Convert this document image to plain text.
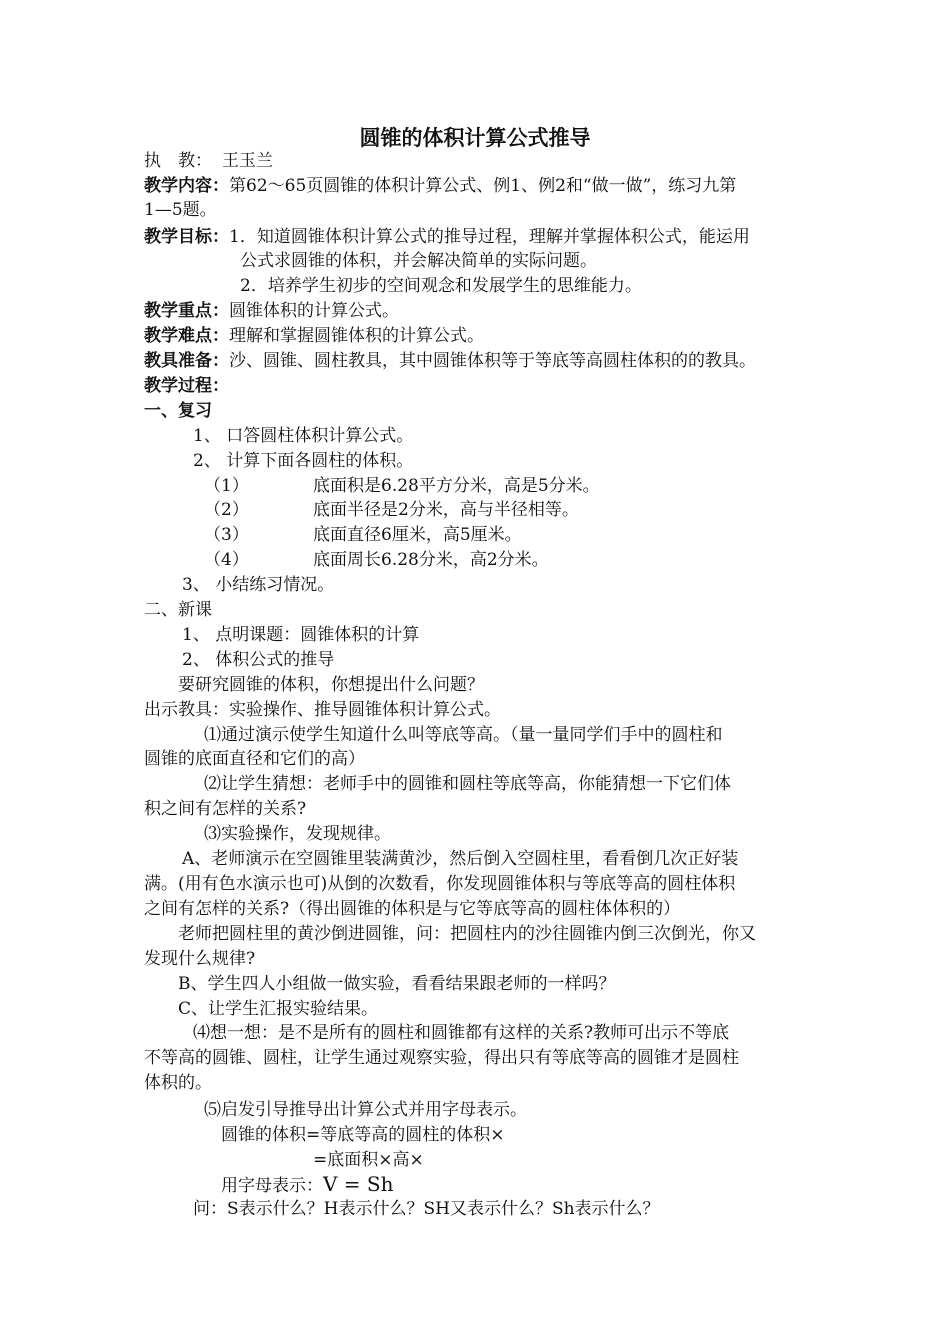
圆锥的体积计算公式推导
执　教： 王玉兰
教学内容：第62～65页圆锥的体积计算公式、例1、例2和“做一做”，练习九第
1—5题。
教学目标：1．知道圆锥体积计算公式的推导过程，理解并掌握体积公式，能运用
公式求圆锥的体积，并会解决简单的实际问题。
2．培养学生初步的空间观念和发展学生的思维能力。
教学重点：圆锥体积的计算公式。
教学难点：理解和掌握圆锥体积的计算公式。
教具准备：沙、圆锥、圆柱教具，其中圆锥体积等于等底等高圆柱体积的的教具。
教学过程：
一、复习
1、 口答圆柱体积计算公式。
2、 计算下面各圆柱的体积。
（1）	底面积是6.28平方分米，高是5分米。
（2）	底面半径是2分米，高与半径相等。
（3）	底面直径6厘米，高5厘米。
（4）	底面周长6.28分米，高2分米。
3、 小结练习情况。
二、新课
1、 点明课题：圆锥体积的计算
2、 体积公式的推导
要研究圆锥的体积，你想提出什么问题？
出示教具：实验操作、推导圆锥体积计算公式。
⑴通过演示使学生知道什么叫等底等高。（量一量同学们手中的圆柱和
圆锥的底面直径和它们的高）
⑵让学生猜想：老师手中的圆锥和圆柱等底等高，你能猜想一下它们体
积之间有怎样的关系?
⑶实验操作，发现规律。
A、老师演示在空圆锥里装满黄沙，然后倒入空圆柱里，看看倒几次正好装
满。(用有色水演示也可)从倒的次数看，你发现圆锥体积与等底等高的圆柱体积
之间有怎样的关系?（得出圆锥的体积是与它等底等高的圆柱体体积的）
老师把圆柱里的黄沙倒进圆锥，问：把圆柱内的沙往圆锥内倒三次倒光，你又
发现什么规律?
B、学生四人小组做一做实验，看看结果跟老师的一样吗？
C、让学生汇报实验结果。
⑷想一想：是不是所有的圆柱和圆锥都有这样的关系?教师可出示不等底
不等高的圆锥、圆柱，让学生通过观察实验，得出只有等底等高的圆锥才是圆柱
体积的。
⑸启发引导推导出计算公式并用字母表示。
圆锥的体积=等底等高的圆柱的体积×
=底面积×高×
用字母表示：V = Sh
问：S表示什么？H表示什么？SH又表示什么？Sh表示什么？
